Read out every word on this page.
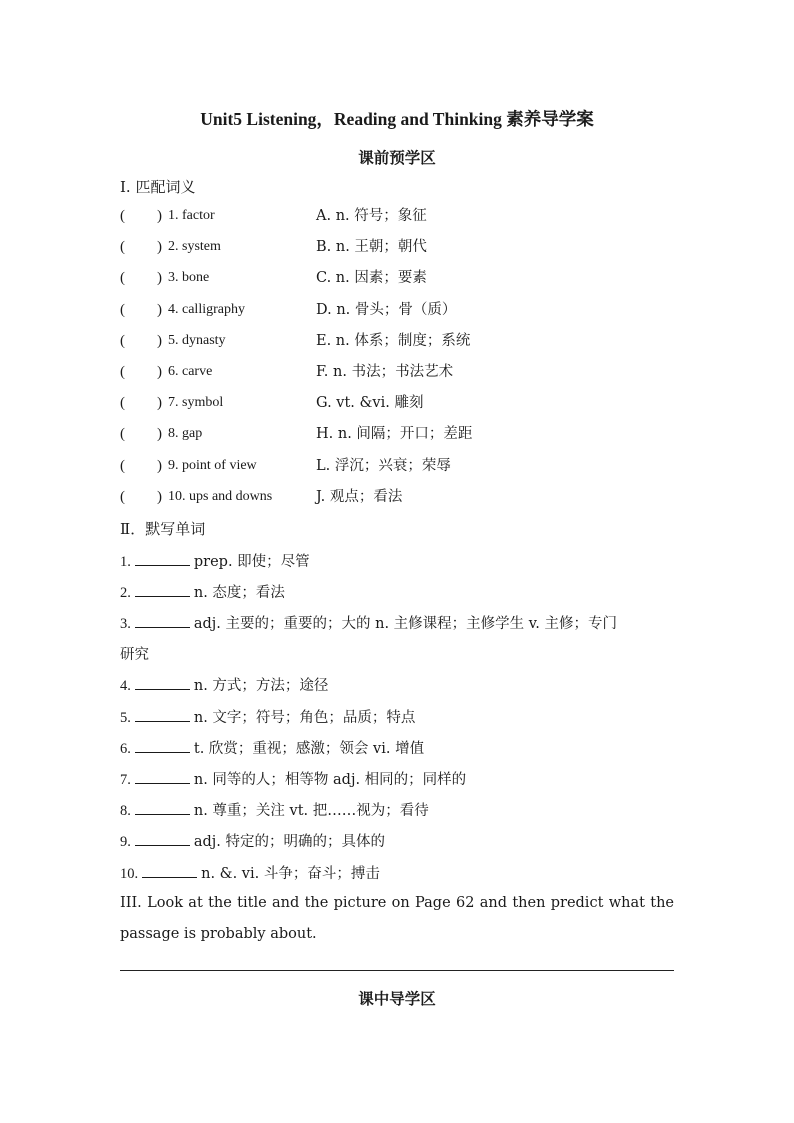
Unit5 Listening，Reading and Thinking 素养导学案
课前预学区
I. 匹配词义
( ) 1. factor	A. n. 符号；象征
( ) 2. system	B. n. 王朝；朝代
( ) 3. bone	C. n. 因素；要素
( ) 4. calligraphy	D. n. 骨头；骨（质）
( ) 5. dynasty	E. n. 体系；制度；系统
( ) 6. carve	F. n. 书法；书法艺术
( ) 7. symbol	G. vt. &vi. 雕刻
( ) 8. gap	H. n. 间隔；开口；差距
( ) 9. point of view	L. 浮沉；兴衰；荣辱
( ) 10. ups and downs	J. 观点；看法
Ⅱ．默写单词
1.	prep. 即使；尽管
2.	n. 态度；看法
3.	adj. 主要的；重要的；大的 n. 主修课程；主修学生 v. 主修；专门
研究
4.	n. 方式；方法；途径
5.	n. 文字；符号；角色；品质；特点
6.	t. 欣赏；重视；感激；领会 vi. 增值
7.	n. 同等的人；相等物 adj. 相同的；同样的
8.	n. 尊重；关注 vt. 把……视为；看待
9.	adj. 特定的；明确的；具体的
10.	n. &. vi. 斗争；奋斗；搏击
III. Look at the title and the picture on Page 62 and then predict what the passage is probably about.
课中导学区
